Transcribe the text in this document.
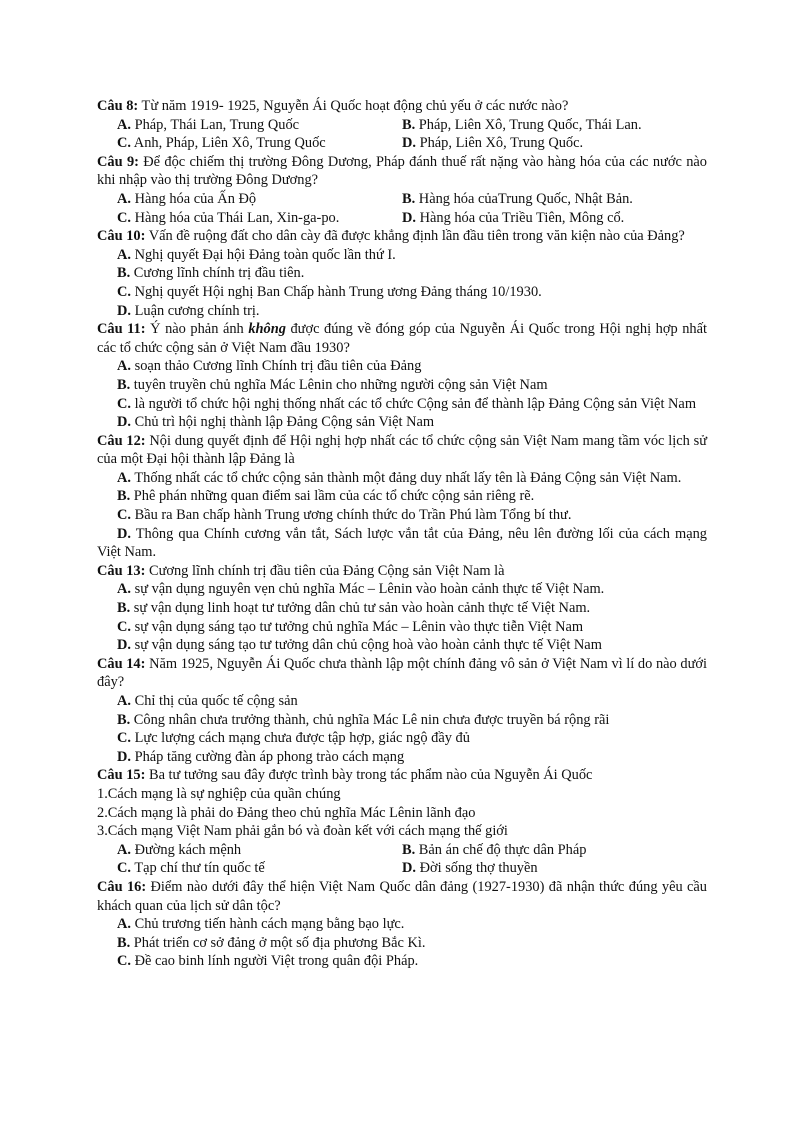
Câu 8: Từ năm 1919- 1925, Nguyễn Ái Quốc hoạt động chủ yếu ở các nước nào?
A. Pháp, Thái Lan, Trung Quốc	B. Pháp, Liên Xô, Trung Quốc, Thái Lan.
C. Anh, Pháp, Liên Xô, Trung Quốc	D. Pháp, Liên Xô, Trung Quốc.
Câu 9: Để độc chiếm thị trường Đông Dương, Pháp đánh thuế rất nặng vào hàng hóa của các nước nào khi nhập vào thị trường Đông Dương?
A. Hàng hóa của Ấn Độ	B. Hàng hóa củaTrung Quốc, Nhật Bản.
C. Hàng hóa của Thái Lan, Xin-ga-po.	D. Hàng hóa của Triều Tiên, Mông cổ.
Câu 10: Vấn đề ruộng đất cho dân cày đã được khẳng định lần đầu tiên trong văn kiện nào của Đảng?
A. Nghị quyết Đại hội Đảng toàn quốc lần thứ I.
B. Cương lĩnh chính trị đầu tiên.
C. Nghị quyết Hội nghị Ban Chấp hành Trung ương Đảng tháng 10/1930.
D. Luận cương chính trị.
Câu 11: Ý nào phản ánh không được đúng về đóng góp của Nguyễn Ái Quốc trong Hội nghị hợp nhất các tổ chức cộng sản ở Việt Nam đầu 1930?
A. soạn thảo Cương lĩnh Chính trị đầu tiên của Đảng
B. tuyên truyền chủ nghĩa Mác Lênin cho những người cộng sản Việt Nam
C. là người tổ chức hội nghị thống nhất các tổ chức Cộng sản để thành lập Đảng Cộng sản Việt Nam
D. Chủ trì hội nghị thành lập Đảng Cộng sản Việt Nam
Câu 12: Nội dung quyết định để Hội nghị hợp nhất các tổ chức cộng sản Việt Nam mang tầm vóc lịch sử của một Đại hội thành lập Đảng là
A. Thống nhất các tổ chức cộng sản thành một đảng duy nhất lấy tên là Đảng Cộng sản Việt Nam.
B. Phê phán những quan điểm sai lầm của các tổ chức cộng sản riêng rẽ.
C. Bầu ra Ban chấp hành Trung ương chính thức do Trần Phú làm Tổng bí thư.
D. Thông qua Chính cương vắn tắt, Sách lược vắn tắt của Đảng, nêu lên đường lối của cách mạng Việt Nam.
Câu 13: Cương lĩnh chính trị đầu tiên của Đảng Cộng sản Việt Nam là
A. sự vận dụng nguyên vẹn chủ nghĩa Mác – Lênin vào hoàn cảnh thực tế Việt Nam.
B. sự vận dụng linh hoạt tư tưởng dân chủ tư sản vào hoàn cảnh thực tế Việt Nam.
C. sự vận dụng sáng tạo tư tưởng chủ nghĩa Mác – Lênin vào thực tiễn Việt Nam
D. sự vận dụng sáng tạo tư tưởng dân chủ cộng hoà vào hoàn cảnh thực tế Việt Nam
Câu 14: Năm 1925, Nguyễn Ái Quốc chưa thành lập một chính đảng vô sản ở Việt Nam vì lí do nào dưới đây?
A. Chỉ thị của quốc tế cộng sản
B. Công nhân chưa trưởng thành, chủ nghĩa Mác Lê nin chưa được truyền bá rộng rãi
C. Lực lượng cách mạng chưa được tập hợp, giác ngộ đầy đủ
D. Pháp tăng cường đàn áp phong trào cách mạng
Câu 15: Ba tư tưởng sau đây được trình bày trong tác phẩm nào của Nguyễn Ái Quốc
1.Cách mạng là sự nghiệp của quần chúng
2.Cách mạng là phải do Đảng theo chủ nghĩa Mác Lênin lãnh đạo
3.Cách mạng Việt Nam phải gắn bó và đoàn kết với cách mạng thế giới
A. Đường kách mệnh	B. Bản án chế độ thực dân Pháp
C. Tạp chí thư tín quốc tế	D. Đời sống thợ thuyền
Câu 16: Điểm nào dưới đây thể hiện Việt Nam Quốc dân đảng (1927-1930) đã nhận thức đúng yêu cầu khách quan của lịch sử dân tộc?
A. Chủ trương tiến hành cách mạng bằng bạo lực.
B. Phát triển cơ sở đảng ở một số địa phương Bắc Kì.
C. Đề cao binh lính người Việt trong quân đội Pháp.
